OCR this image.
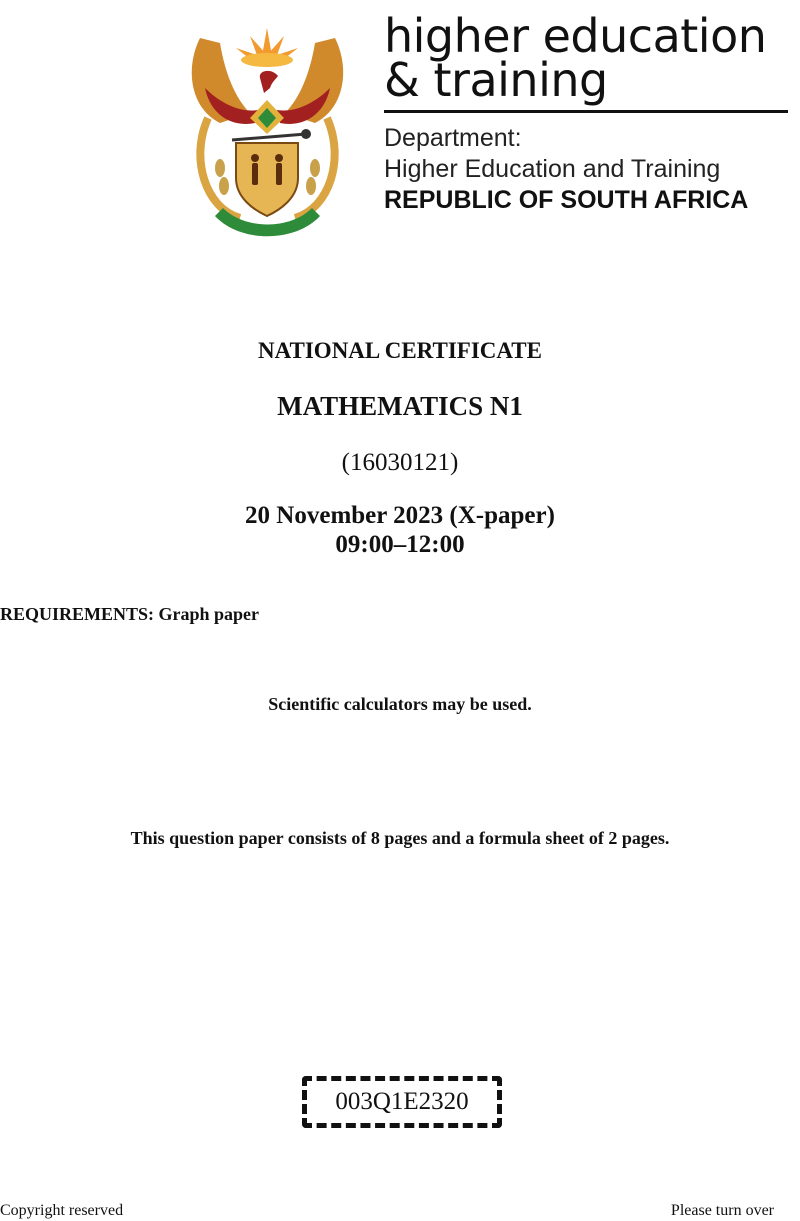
higher education
& training
Department:
Higher Education and Training
REPUBLIC OF SOUTH AFRICA
NATIONAL CERTIFICATE
MATHEMATICS N1
(16030121)
20 November 2023 (X-paper)
09:00–12:00
REQUIREMENTS: Graph paper
Scientific calculators may be used.
This question paper consists of 8 pages and a formula sheet of 2 pages.
003Q1E2320
Copyright reserved	Please turn over
